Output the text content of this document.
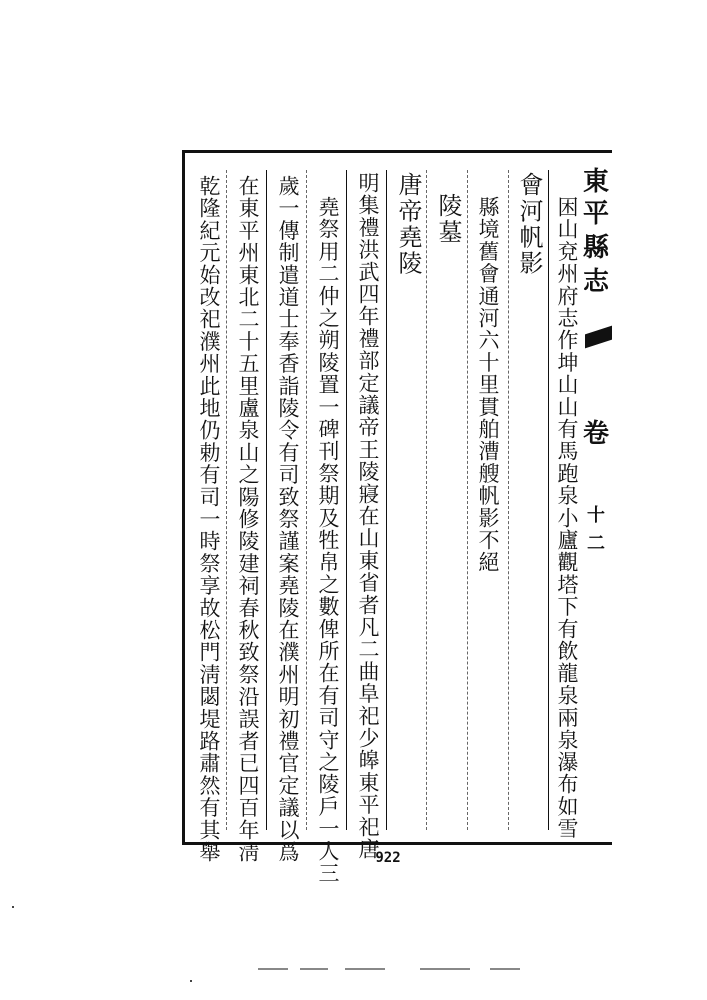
東
平
縣
志
卷
十
二
困山兗州府志作坤山山有馬跑泉小廬觀塔下有飲龍泉兩泉瀑布如雪
會河帆影
縣境舊會通河六十里貫舶漕艘帆影不絕
陵墓
唐帝堯陵
明集禮洪武四年禮部定議帝王陵寢在山東省者凡二曲阜祀少皞東平祀唐
堯祭用二仲之朔陵置一碑刊祭期及牲帛之數俾所在有司守之陵戶一人三
歲一傳制遣道士奉香詣陵令有司致祭謹案堯陵在濮州明初禮官定議以爲
在東平州東北二十五里盧泉山之陽修陵建祠春秋致祭沿誤者已四百年淸
乾隆紀元始改祀濮州此地仍勅有司一時祭享故松門淸閟堤路肅然有其舉	922
